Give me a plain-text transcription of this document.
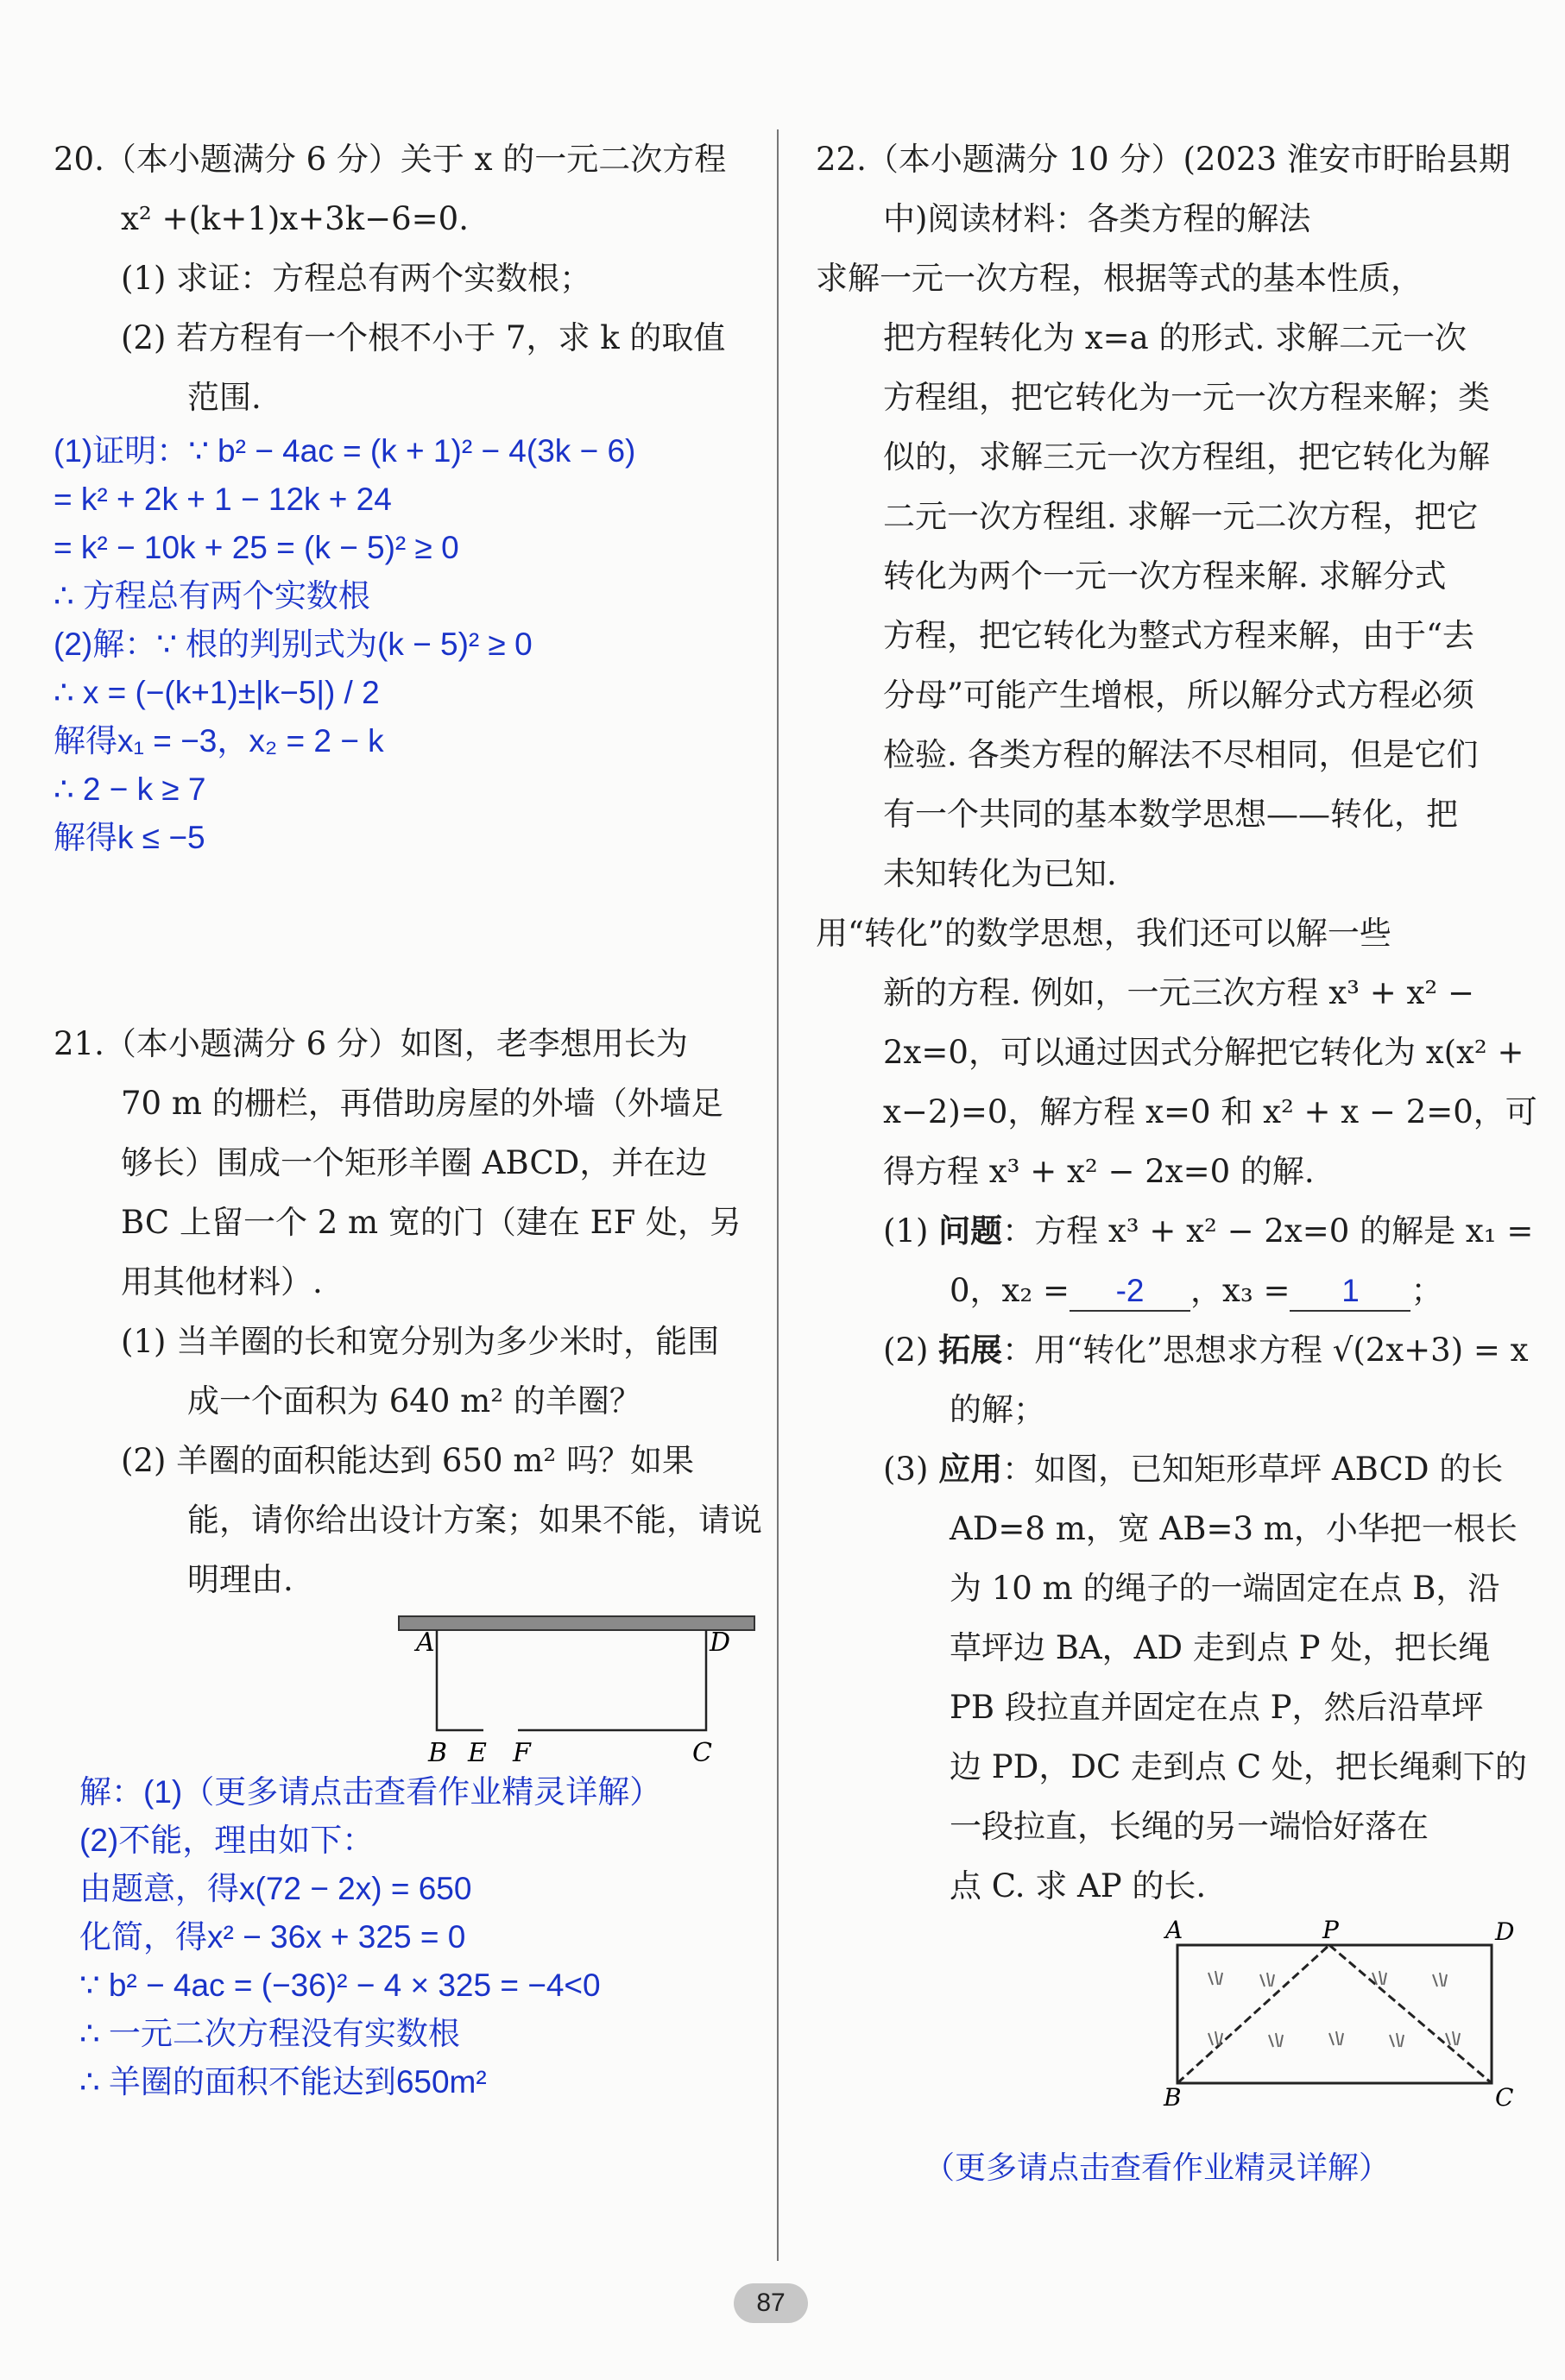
20.（本小题满分 6 分）关于 x 的一元二次方程
x² +(k+1)x+3k−6=0.
(1) 求证：方程总有两个实数根；
(2) 若方程有一个根不小于 7，求 k 的取值
范围.
(1)证明：∵ b² − 4ac = (k + 1)² − 4(3k − 6)
= k² + 2k + 1 − 12k + 24
= k² − 10k + 25 = (k − 5)² ≥ 0
∴ 方程总有两个实数根
(2)解：∵ 根的判别式为(k − 5)² ≥ 0
∴ x = (−(k+1)±|k−5|) / 2
解得x₁ = −3，x₂ = 2 − k
∴ 2 − k ≥ 7
解得k ≤ −5
21.（本小题满分 6 分）如图，老李想用长为
70 m 的栅栏，再借助房屋的外墙（外墙足
够长）围成一个矩形羊圈 ABCD，并在边
BC 上留一个 2 m 宽的门（建在 EF 处，另
用其他材料）.
(1) 当羊圈的长和宽分别为多少米时，能围
成一个面积为 640 m² 的羊圈？
(2) 羊圈的面积能达到 650 m² 吗？如果
能，请你给出设计方案；如果不能，请说
明理由.
A	D
B E F	C
解：(1)（更多请点击查看作业精灵详解）
(2)不能，理由如下：
由题意，得x(72 − 2x) = 650
化简，得x² − 36x + 325 = 0
∵ b² − 4ac = (−36)² − 4 × 325 = −4<0
∴ 一元二次方程没有实数根
∴ 羊圈的面积不能达到650m²
22.（本小题满分 10 分）(2023 淮安市盱眙县期
中)阅读材料：各类方程的解法
求解一元一次方程，根据等式的基本性质，
把方程转化为 x=a 的形式. 求解二元一次
方程组，把它转化为一元一次方程来解；类
似的，求解三元一次方程组，把它转化为解
二元一次方程组. 求解一元二次方程，把它
转化为两个一元一次方程来解. 求解分式
方程，把它转化为整式方程来解，由于“去
分母”可能产生增根，所以解分式方程必须
检验. 各类方程的解法不尽相同，但是它们
有一个共同的基本数学思想——转化，把
未知转化为已知.
用“转化”的数学思想，我们还可以解一些
新的方程. 例如，一元三次方程 x³ + x² −
2x=0，可以通过因式分解把它转化为 x(x² +
x−2)=0，解方程 x=0 和 x² + x − 2=0，可
得方程 x³ + x² − 2x=0 的解.
(1) 问题：方程 x³ + x² − 2x=0 的解是 x₁ =
0，x₂ = -2 ，x₃ = 1 ；
(2) 拓展：用“转化”思想求方程 √(2x+3) = x
的解；
(3) 应用：如图，已知矩形草坪 ABCD 的长
AD=8 m，宽 AB=3 m，小华把一根长
为 10 m 的绳子的一端固定在点 B，沿
草坪边 BA，AD 走到点 P 处，把长绳
PB 段拉直并固定在点 P，然后沿草坪
边 PD，DC 走到点 C 处，把长绳剩下的
一段拉直，长绳的另一端恰好落在
点 C. 求 AP 的长.
A	P	D
B	C
（更多请点击查看作业精灵详解）
87
